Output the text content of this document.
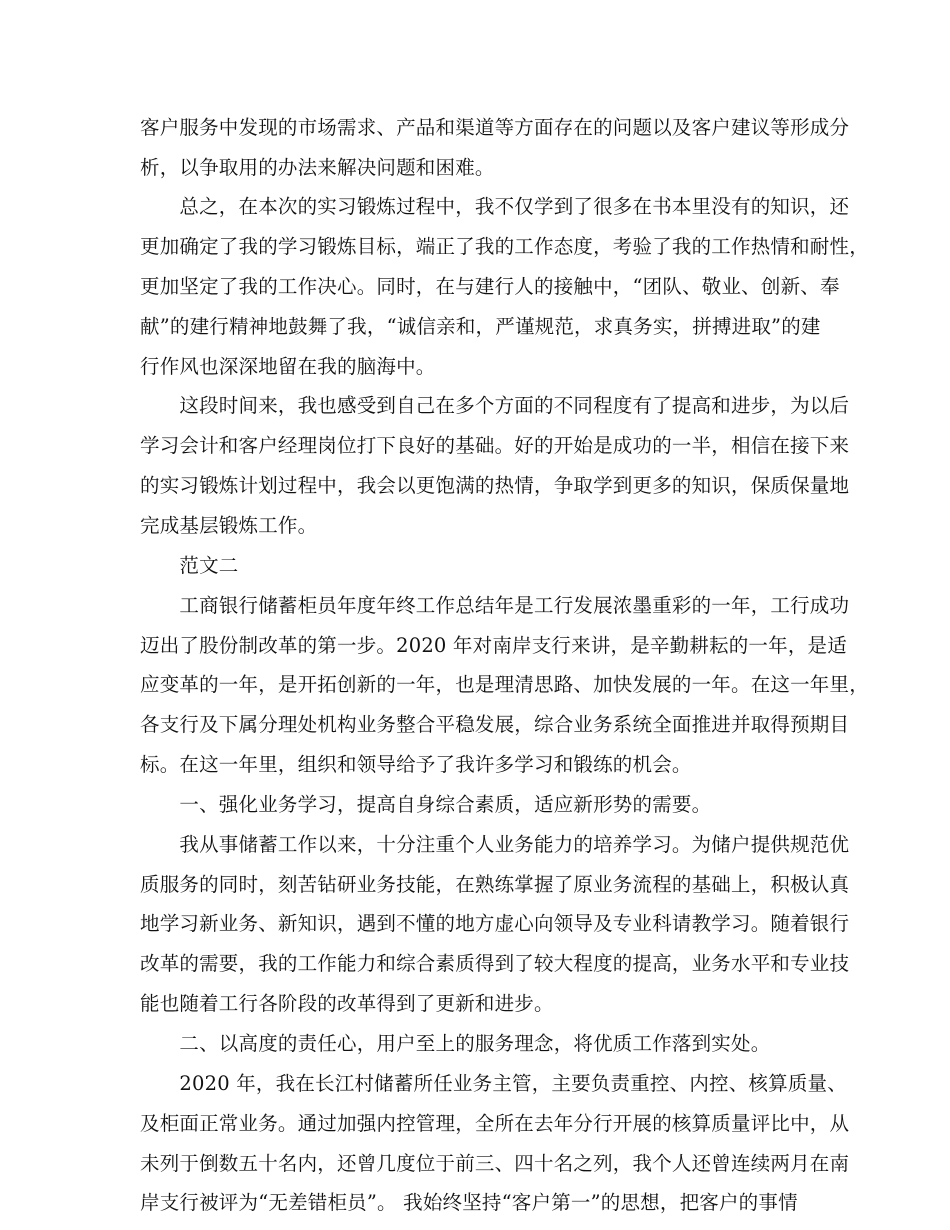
客户服务中发现的市场需求、产品和渠道等方面存在的问题以及客户建议等形成分
析，以争取用的办法来解决问题和困难。
　　总之，在本次的实习锻炼过程中，我不仅学到了很多在书本里没有的知识，还
更加确定了我的学习锻炼目标，端正了我的工作态度，考验了我的工作热情和耐性，
更加坚定了我的工作决心。同时，在与建行人的接触中，“团队、敬业、创新、奉
献”的建行精神地鼓舞了我，“诚信亲和，严谨规范，求真务实，拼搏进取”的建
行作风也深深地留在我的脑海中。
　　这段时间来，我也感受到自己在多个方面的不同程度有了提高和进步，为以后
学习会计和客户经理岗位打下良好的基础。好的开始是成功的一半，相信在接下来
的实习锻炼计划过程中，我会以更饱满的热情，争取学到更多的知识，保质保量地
完成基层锻炼工作。
　　范文二
　　工商银行储蓄柜员年度年终工作总结年是工行发展浓墨重彩的一年，工行成功
迈出了股份制改革的第一步。2020 年对南岸支行来讲，是辛勤耕耘的一年，是适
应变革的一年，是开拓创新的一年，也是理清思路、加快发展的一年。在这一年里，
各支行及下属分理处机构业务整合平稳发展，综合业务系统全面推进并取得预期目
标。在这一年里，组织和领导给予了我许多学习和锻练的机会。
　　一、强化业务学习，提高自身综合素质，适应新形势的需要。
　　我从事储蓄工作以来，十分注重个人业务能力的培养学习。为储户提供规范优
质服务的同时，刻苦钻研业务技能，在熟练掌握了原业务流程的基础上，积极认真
地学习新业务、新知识，遇到不懂的地方虚心向领导及专业科请教学习。随着银行
改革的需要，我的工作能力和综合素质得到了较大程度的提高，业务水平和专业技
能也随着工行各阶段的改革得到了更新和进步。
　　二、以高度的责任心，用户至上的服务理念，将优质工作落到实处。
　　2020 年，我在长江村储蓄所任业务主管，主要负责重控、内控、核算质量、
及柜面正常业务。通过加强内控管理，全所在去年分行开展的核算质量评比中，从
未列于倒数五十名内，还曾几度位于前三、四十名之列，我个人还曾连续两月在南
岸支行被评为“无差错柜员”。 我始终坚持“客户第一”的思想，把客户的事情
